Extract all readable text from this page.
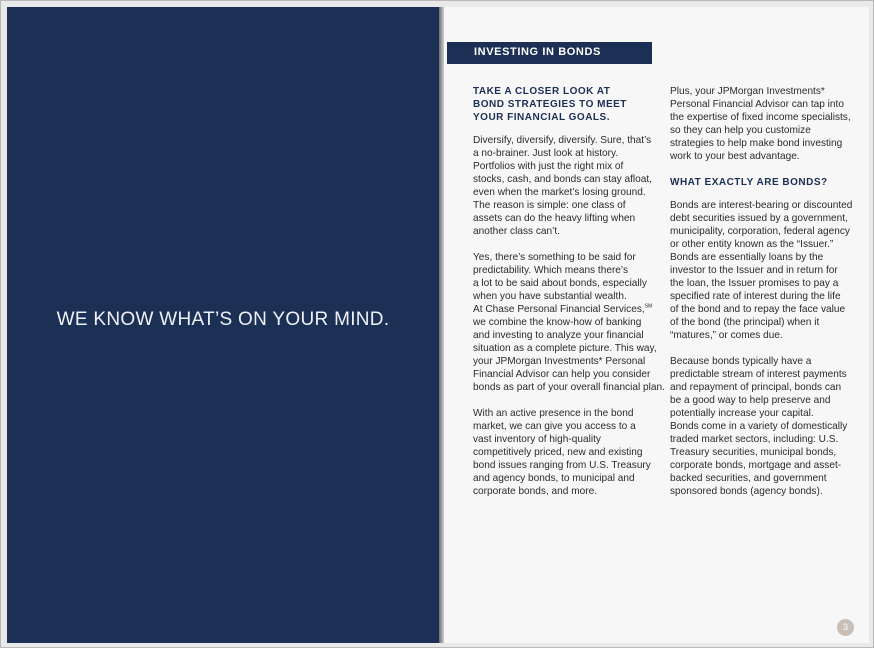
WE KNOW WHAT’S ON YOUR MIND.
INVESTING IN BONDS
TAKE A CLOSER LOOK AT
BOND STRATEGIES TO MEET
YOUR FINANCIAL GOALS.
Diversify, diversify, diversify. Sure, that’s
a no-brainer. Just look at history.
Portfolios with just the right mix of
stocks, cash, and bonds can stay afloat,
even when the market’s losing ground.
The reason is simple: one class of
assets can do the heavy lifting when
another class can’t.
Yes, there’s something to be said for
predictability. Which means there’s
a lot to be said about bonds, especially
when you have substantial wealth.
At Chase Personal Financial Services,℠
we combine the know-how of banking
and investing to analyze your financial
situation as a complete picture. This way,
your JPMorgan Investments* Personal
Financial Advisor can help you consider
bonds as part of your overall financial plan.
With an active presence in the bond
market, we can give you access to a
vast inventory of high-quality
competitively priced, new and existing
bond issues ranging from U.S. Treasury
and agency bonds, to municipal and
corporate bonds, and more.
Plus, your JPMorgan Investments*
Personal Financial Advisor can tap into
the expertise of fixed income specialists,
so they can help you customize
strategies to help make bond investing
work to your best advantage.
WHAT EXACTLY ARE BONDS?
Bonds are interest-bearing or discounted
debt securities issued by a government,
municipality, corporation, federal agency
or other entity known as the “Issuer.”
Bonds are essentially loans by the
investor to the Issuer and in return for
the loan, the Issuer promises to pay a
specified rate of interest during the life
of the bond and to repay the face value
of the bond (the principal) when it
“matures,” or comes due.
Because bonds typically have a
predictable stream of interest payments
and repayment of principal, bonds can
be a good way to help preserve and
potentially increase your capital.
Bonds come in a variety of domestically
traded market sectors, including: U.S.
Treasury securities, municipal bonds,
corporate bonds, mortgage and asset-
backed securities, and government
sponsored bonds (agency bonds).
3
